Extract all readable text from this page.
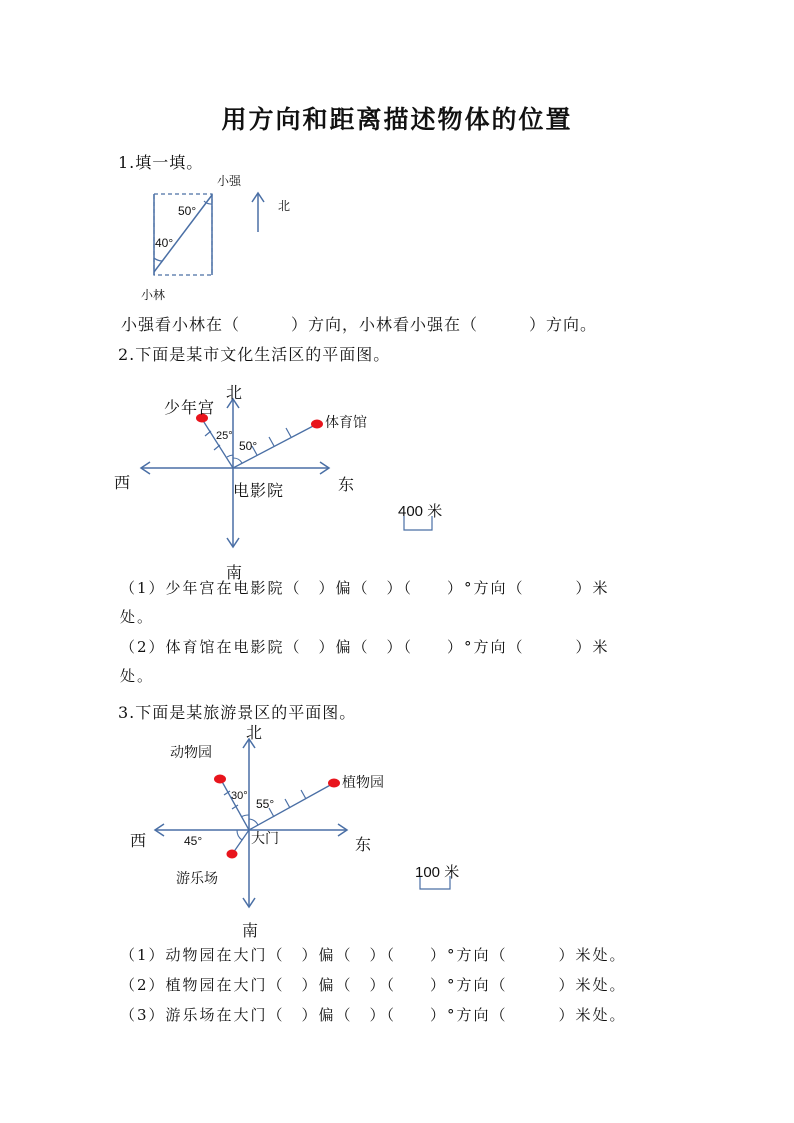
用方向和距离描述物体的位置
1.填一填。
小强
小林
北
50°
40°
小强看小林在（　　　）方向，小林看小强在（　　　）方向。
2.下面是某市文化生活区的平面图。
北
南
西	东
少年宫
体育馆
电影院
25°
50°
400 米
（1）少年宫在电影院（　）偏（　）（　　）°方向（　　　）米
处。
（2）体育馆在电影院（　）偏（　）（　　）°方向（　　　）米
处。
3.下面是某旅游景区的平面图。
北
南
西	东
动物园
植物园
大门
游乐场
30°
55°
45°
100 米
（1）动物园在大门（　）偏（　）（　　）°方向（　　　）米处。
（2）植物园在大门（　）偏（　）（　　）°方向（　　　）米处。
（3）游乐场在大门（　）偏（　）（　　）°方向（　　　）米处。
